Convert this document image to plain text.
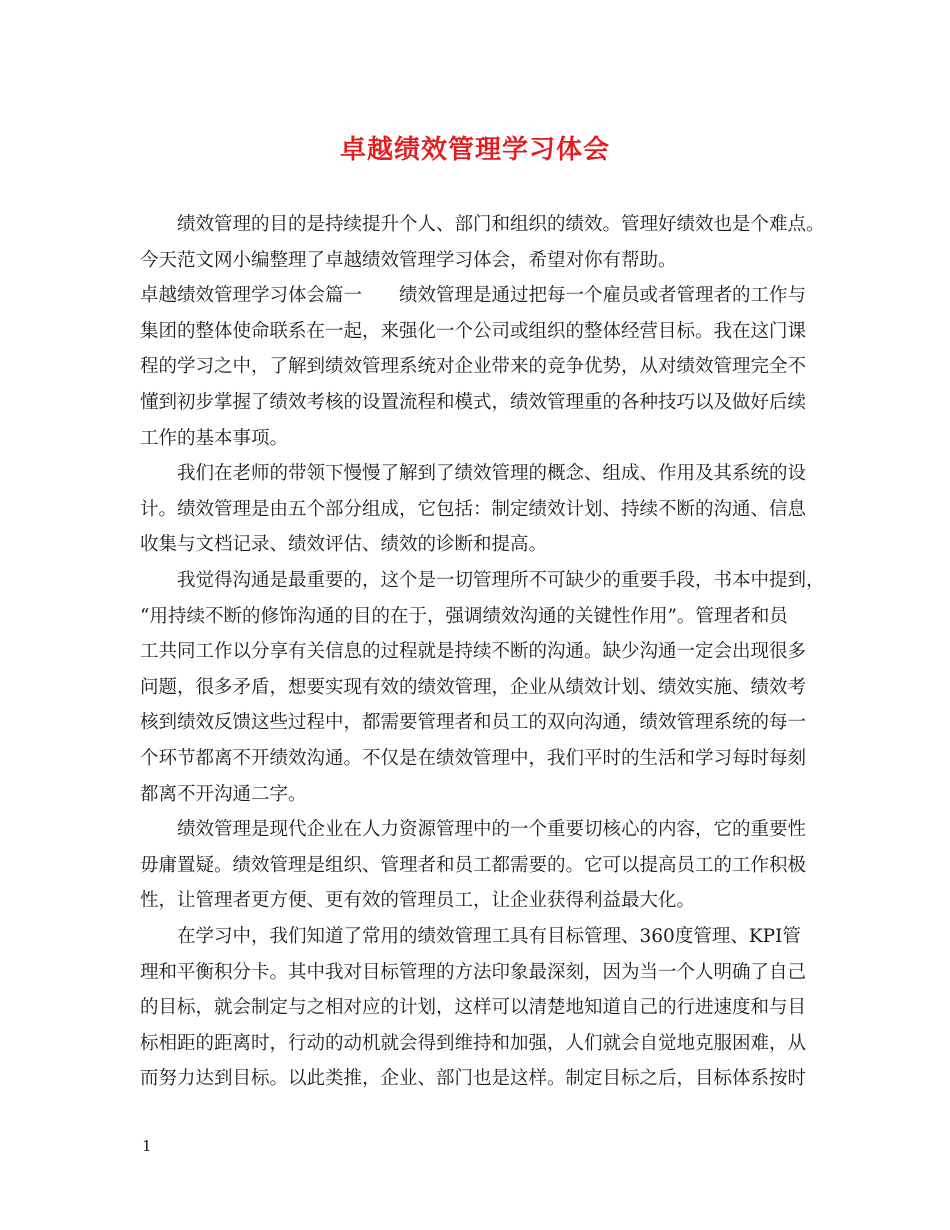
卓越绩效管理学习体会
　　绩效管理的目的是持续提升个人、部门和组织的绩效。管理好绩效也是个难点。
今天范文网小编整理了卓越绩效管理学习体会，希望对你有帮助。
卓越绩效管理学习体会篇一　　绩效管理是通过把每一个雇员或者管理者的工作与
集团的整体使命联系在一起，来强化一个公司或组织的整体经营目标。我在这门课
程的学习之中，了解到绩效管理系统对企业带来的竞争优势，从对绩效管理完全不
懂到初步掌握了绩效考核的设置流程和模式，绩效管理重的各种技巧以及做好后续
工作的基本事项。
　　我们在老师的带领下慢慢了解到了绩效管理的概念、组成、作用及其系统的设
计。绩效管理是由五个部分组成，它包括：制定绩效计划、持续不断的沟通、信息
收集与文档记录、绩效评估、绩效的诊断和提高。
　　我觉得沟通是最重要的，这个是一切管理所不可缺少的重要手段，书本中提到，
“用持续不断的修饰沟通的目的在于，强调绩效沟通的关键性作用”。管理者和员
工共同工作以分享有关信息的过程就是持续不断的沟通。缺少沟通一定会出现很多
问题，很多矛盾，想要实现有效的绩效管理，企业从绩效计划、绩效实施、绩效考
核到绩效反馈这些过程中，都需要管理者和员工的双向沟通，绩效管理系统的每一
个环节都离不开绩效沟通。不仅是在绩效管理中，我们平时的生活和学习每时每刻
都离不开沟通二字。
　　绩效管理是现代企业在人力资源管理中的一个重要切核心的内容，它的重要性
毋庸置疑。绩效管理是组织、管理者和员工都需要的。它可以提高员工的工作积极
性，让管理者更方便、更有效的管理员工，让企业获得利益最大化。
　　在学习中，我们知道了常用的绩效管理工具有目标管理、360度管理、KPI管
理和平衡积分卡。其中我对目标管理的方法印象最深刻，因为当一个人明确了自己
的目标，就会制定与之相对应的计划，这样可以清楚地知道自己的行进速度和与目
标相距的距离时，行动的动机就会得到维持和加强，人们就会自觉地克服困难，从
而努力达到目标。以此类推，企业、部门也是这样。制定目标之后，目标体系按时
1
